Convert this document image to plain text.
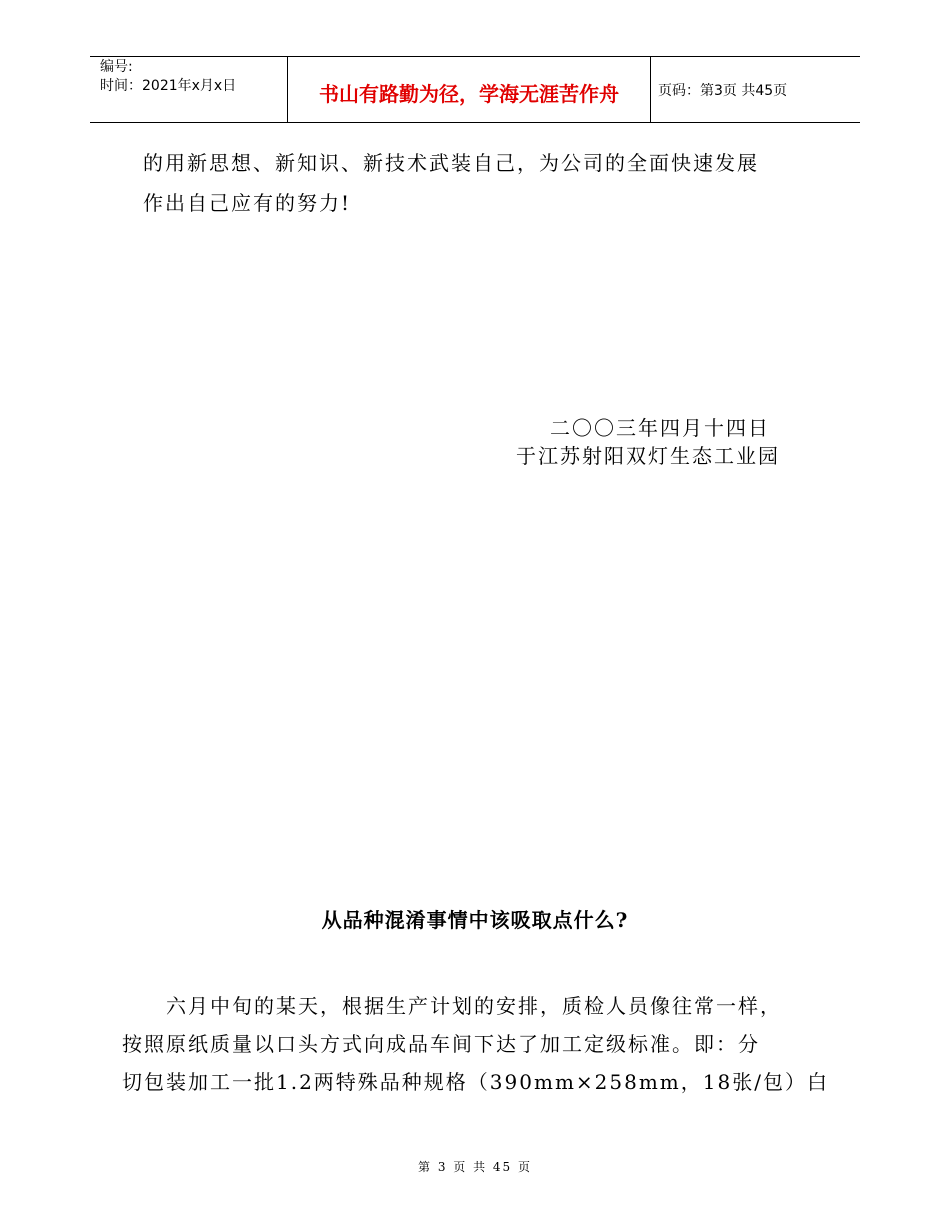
编号:
时间：2021年x月x日	书山有路勤为径，学海无涯苦作舟	页码：第3页 共45页
的用新思想、新知识、新技术武装自己，为公司的全面快速发展
作出自己应有的努力!
二〇〇三年四月十四日
于江苏射阳双灯生态工业园
从品种混淆事情中该吸取点什么?
六月中旬的某天，根据生产计划的安排，质检人员像往常一样，
按照原纸质量以口头方式向成品车间下达了加工定级标准。即：分
切包装加工一批1.2两特殊品种规格（390mm×258mm，18张/包）白
第 3 页 共 45 页
